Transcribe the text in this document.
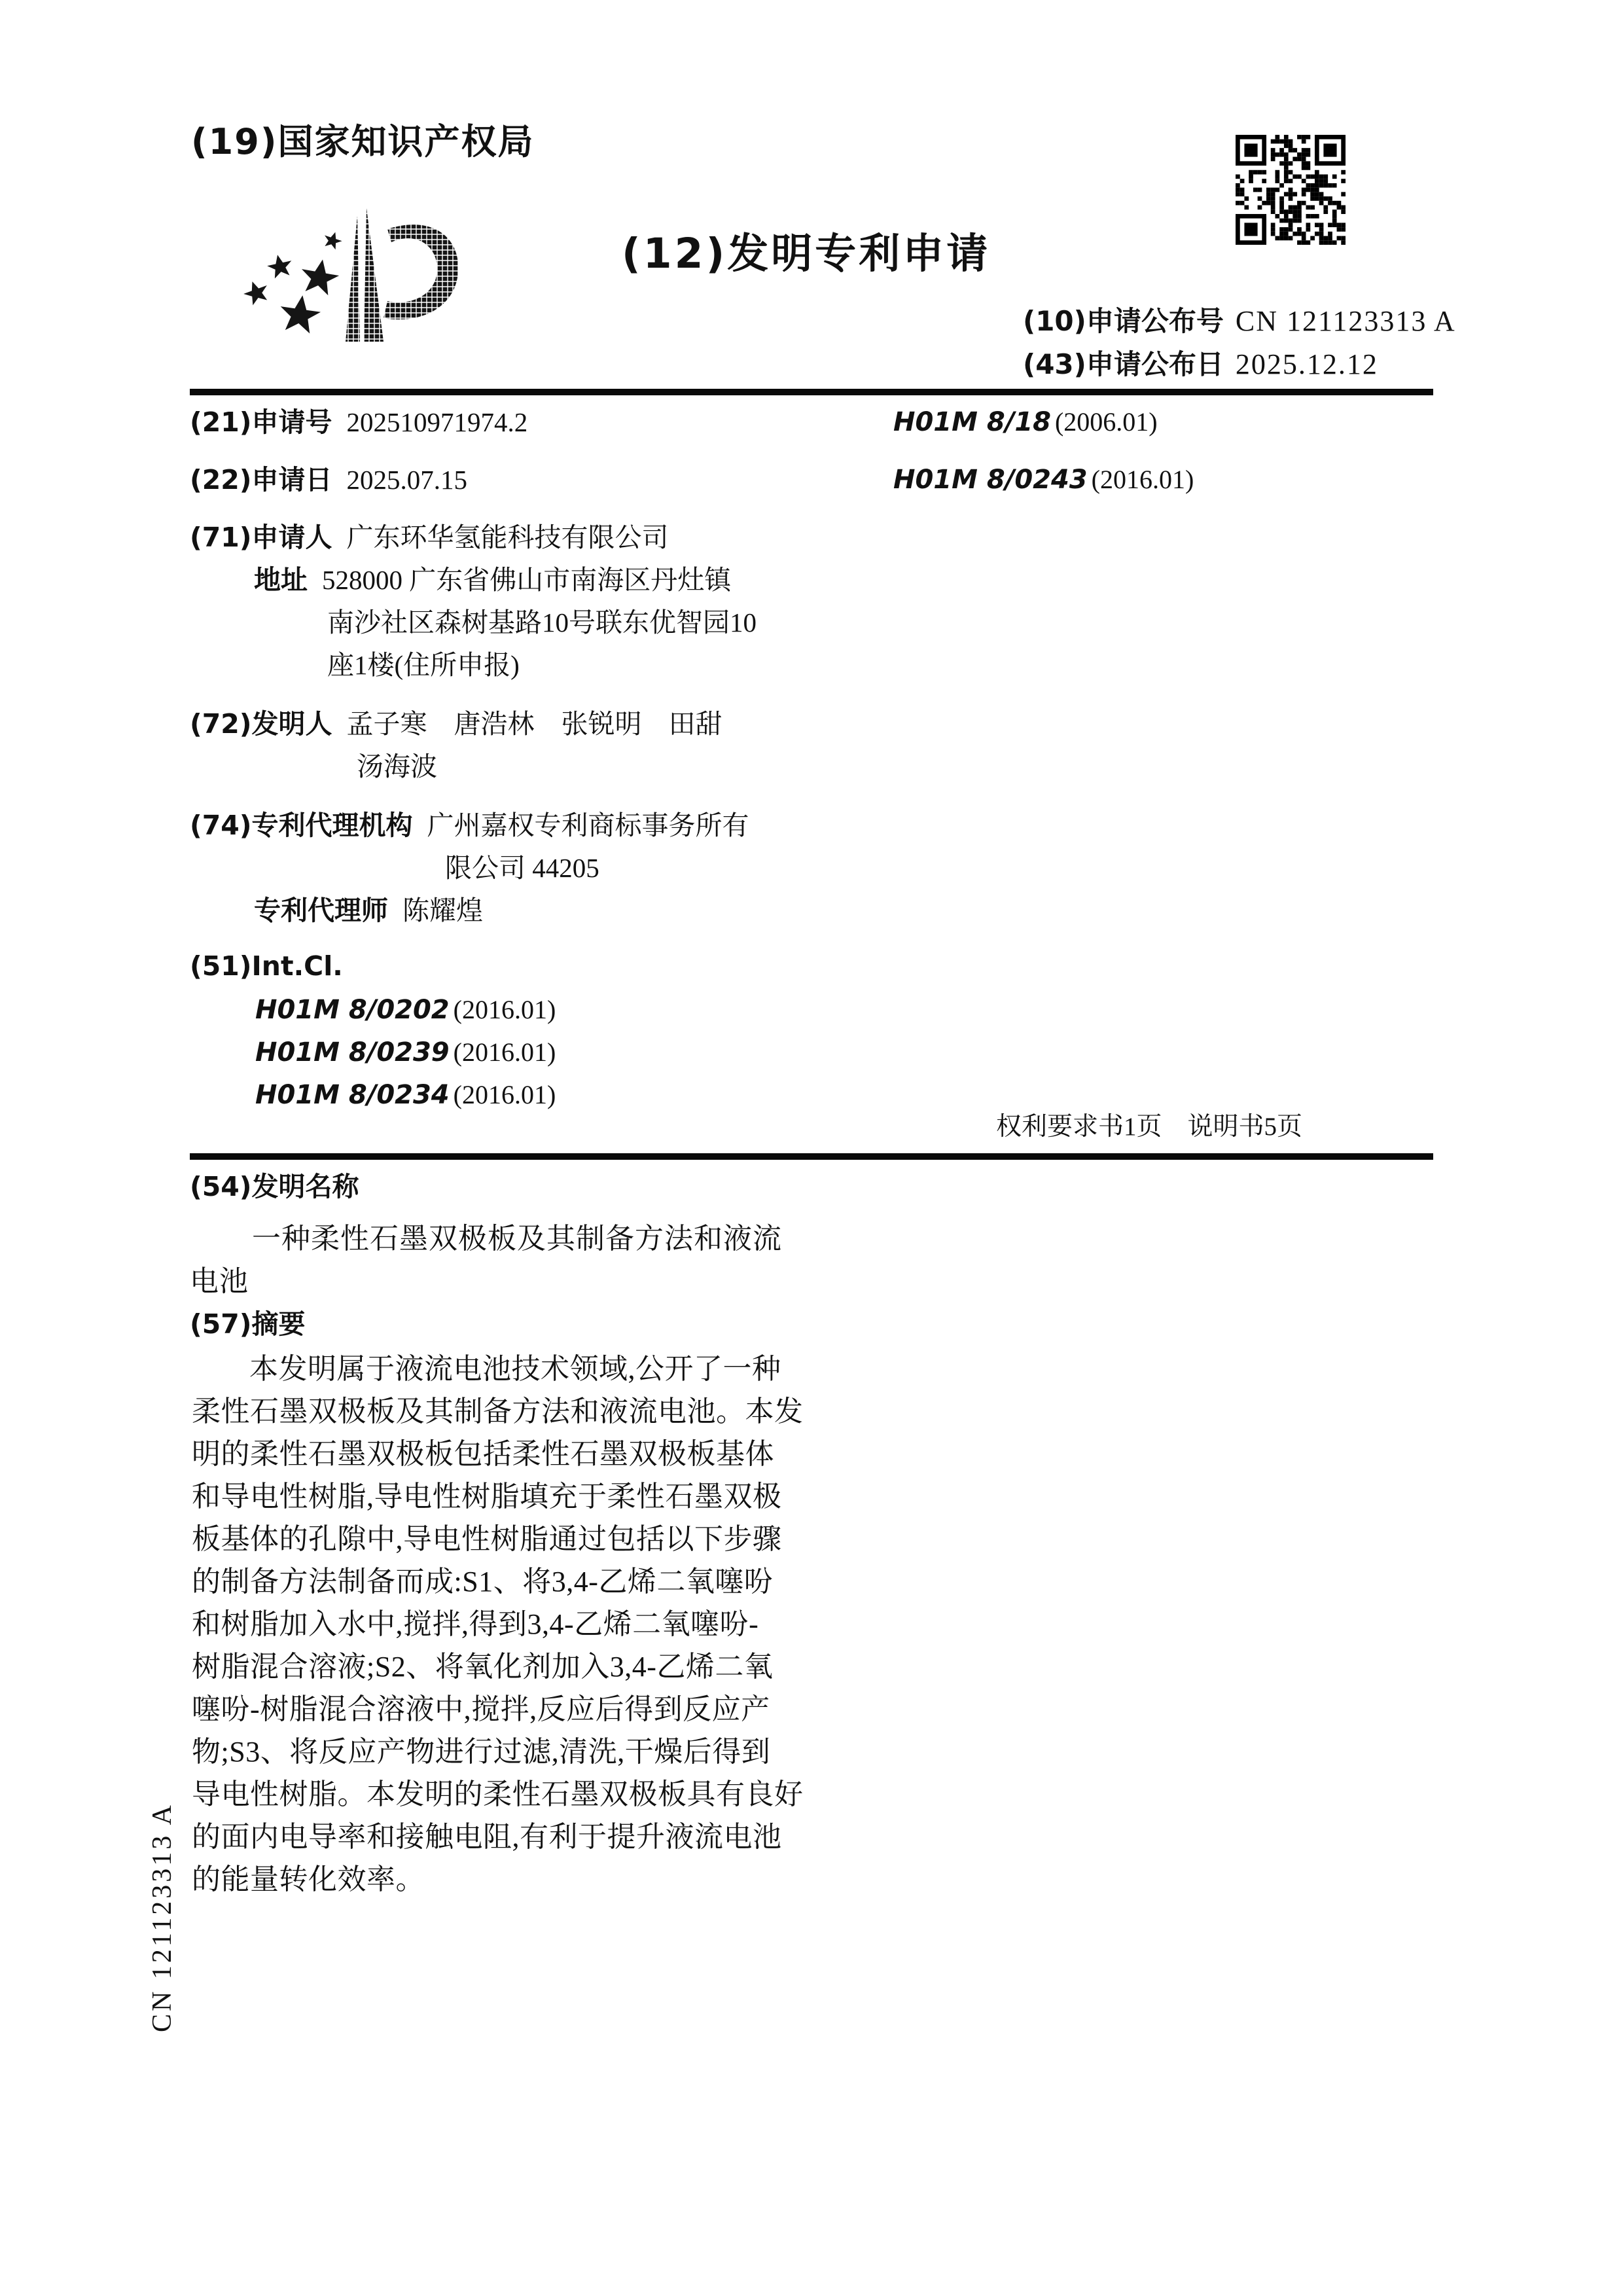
(19)国家知识产权局
(12)发明专利申请
(10)申请公布号 CN 121123313 A
(43)申请公布日 2025.12.12
(21)申请号 202510971974.2
(22)申请日 2025.07.15
(71)申请人 广东环华氢能科技有限公司
地址 528000 广东省佛山市南海区丹灶镇
南沙社区森树基路10号联东优智园10
座1楼(住所申报)
(72)发明人 孟子寒　唐浩林　张锐明　田甜
汤海波
(74)专利代理机构 广州嘉权专利商标事务所有
限公司 44205
专利代理师 陈耀煌
(51)Int.Cl.
H01M 8/0202 (2016.01)
H01M 8/0239 (2016.01)
H01M 8/0234 (2016.01)
H01M 8/18 (2006.01)
H01M 8/0243 (2016.01)
权利要求书1页　说明书5页
(54)发明名称
一种柔性石墨双极板及其制备方法和液流
电池
(57)摘要
本发明属于液流电池技术领域,公开了一种
柔性石墨双极板及其制备方法和液流电池。本发
明的柔性石墨双极板包括柔性石墨双极板基体
和导电性树脂,导电性树脂填充于柔性石墨双极
板基体的孔隙中,导电性树脂通过包括以下步骤
的制备方法制备而成:S1、将3,4-乙烯二氧噻吩
和树脂加入水中,搅拌,得到3,4-乙烯二氧噻吩-
树脂混合溶液;S2、将氧化剂加入3,4-乙烯二氧
噻吩-树脂混合溶液中,搅拌,反应后得到反应产
物;S3、将反应产物进行过滤,清洗,干燥后得到
导电性树脂。本发明的柔性石墨双极板具有良好
的面内电导率和接触电阻,有利于提升液流电池
的能量转化效率。
CN 121123313 A
